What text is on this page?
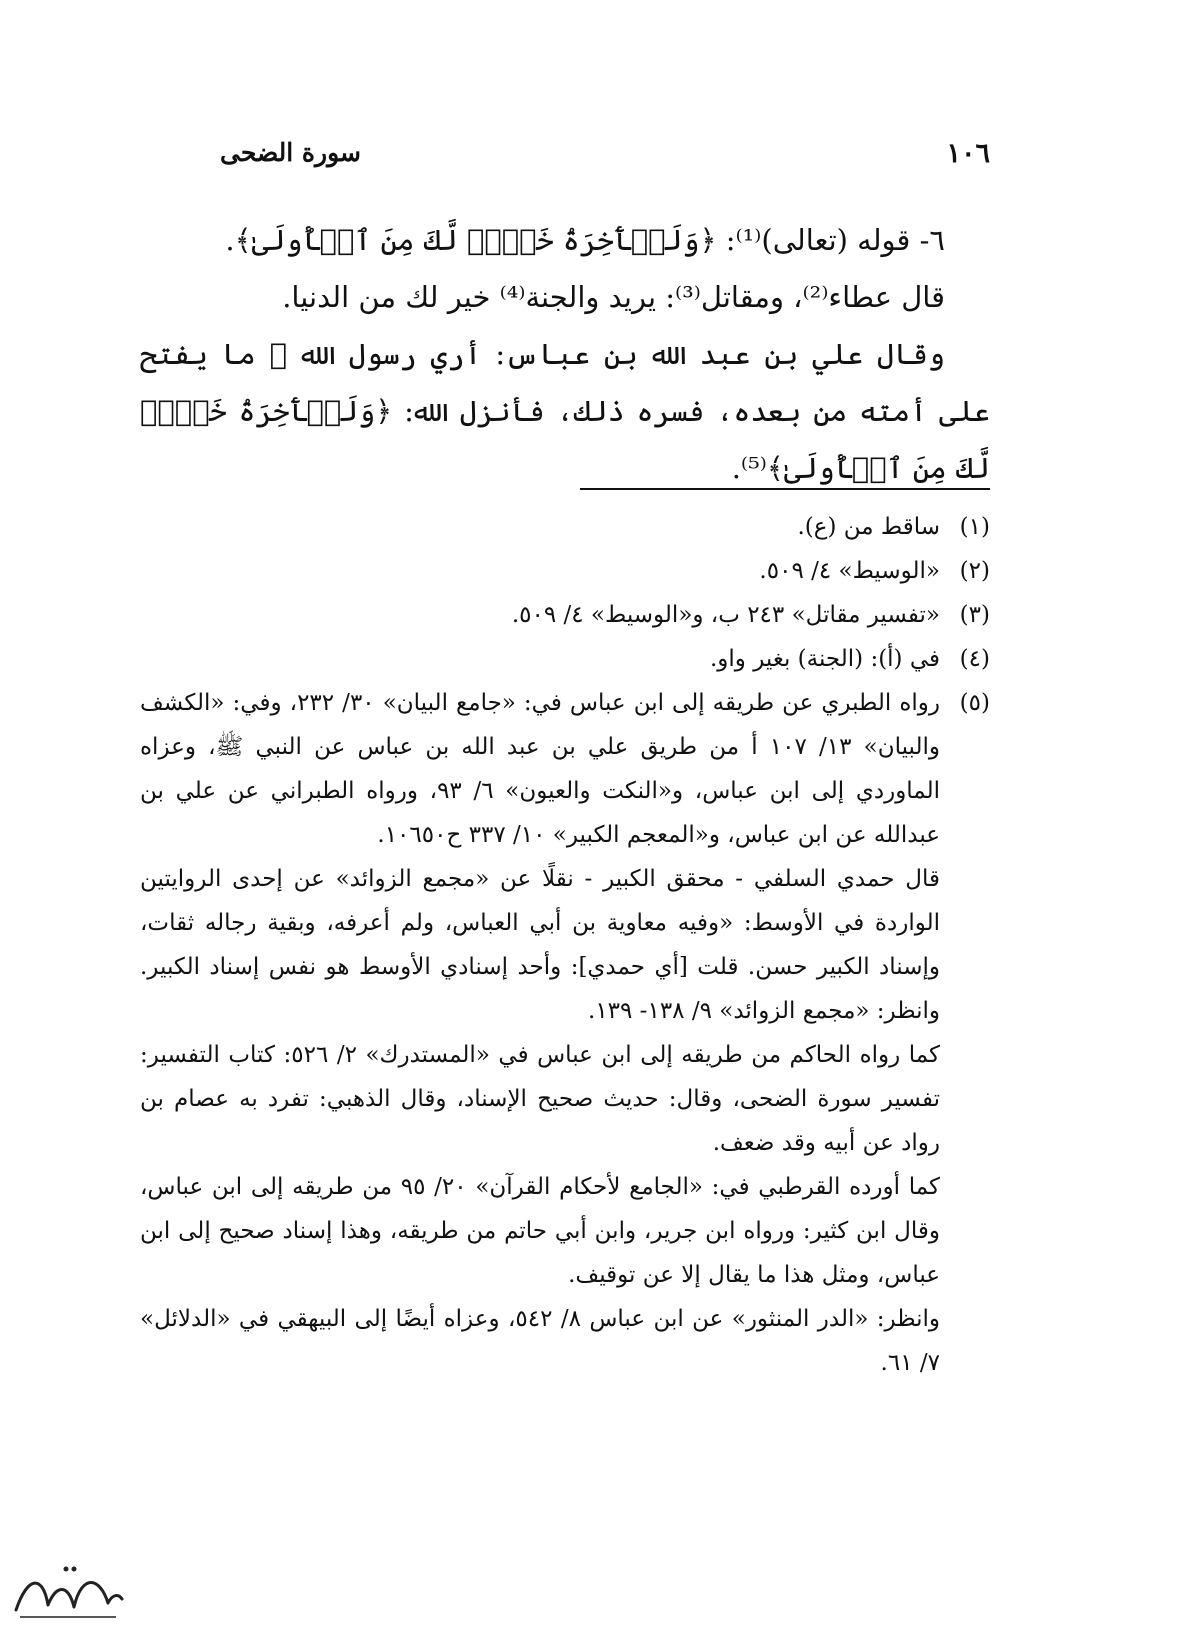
١٠٦
سورة الضحى

٦- قوله (تعالى)⁽¹⁾: ﴿وَلَلۡأٓخِرَةُ خَيۡرٞ لَّكَ مِنَ ٱلۡأُولَىٰ﴾.

قال عطاء⁽²⁾، ومقاتل⁽³⁾: يريد والجنة⁽⁴⁾ خير لك من الدنيا.

وقال علي بن عبد الله بن عباس: أري رسول الله ﷺ ما يفتح على أمته من بعده، فسره ذلك، فأنزل الله: ﴿وَلَلۡأٓخِرَةُ خَيۡرٞ لَّكَ مِنَ ٱلۡأُولَىٰ﴾⁽⁵⁾.

(١)
ساقط من (ع).
(٢)
«الوسيط» ٤/ ٥٠٩.
(٣)
«تفسير مقاتل» ٢٤٣ ب، و«الوسيط» ٤/ ٥٠٩.
(٤)
في (أ): (الجنة) بغير واو.
(٥)
رواه الطبري عن طريقه إلى ابن عباس في: «جامع البيان» ٣٠/ ٢٣٢، وفي: «الكشف والبيان» ١٣/ ١٠٧ أ من طريق علي بن عبد الله بن عباس عن النبي ﷺ، وعزاه الماوردي إلى ابن عباس، و«النكت والعيون» ٦/ ٩٣، ورواه الطبراني عن علي بن عبدالله عن ابن عباس، و«المعجم الكبير» ١٠/ ٣٣٧ ح١٠٦٥٠.
قال حمدي السلفي - محقق الكبير - نقلًا عن «مجمع الزوائد» عن إحدى الروايتين الواردة في الأوسط: «وفيه معاوية بن أبي العباس، ولم أعرفه، وبقية رجاله ثقات، وإسناد الكبير حسن. قلت [أي حمدي]: وأحد إسنادي الأوسط هو نفس إسناد الكبير. وانظر: «مجمع الزوائد» ٩/ ١٣٨- ١٣٩.
كما رواه الحاكم من طريقه إلى ابن عباس في «المستدرك» ٢/ ٥٢٦: كتاب التفسير: تفسير سورة الضحى، وقال: حديث صحيح الإسناد، وقال الذهبي: تفرد به عصام بن رواد عن أبيه وقد ضعف.
كما أورده القرطبي في: «الجامع لأحكام القرآن» ٢٠/ ٩٥ من طريقه إلى ابن عباس، وقال ابن كثير: ورواه ابن جرير، وابن أبي حاتم من طريقه، وهذا إسناد صحيح إلى ابن عباس، ومثل هذا ما يقال إلا عن توقيف.
وانظر: «الدر المنثور» عن ابن عباس ٨/ ٥٤٢، وعزاه أيضًا إلى البيهقي في «الدلائل» ٧/ ٦١.
